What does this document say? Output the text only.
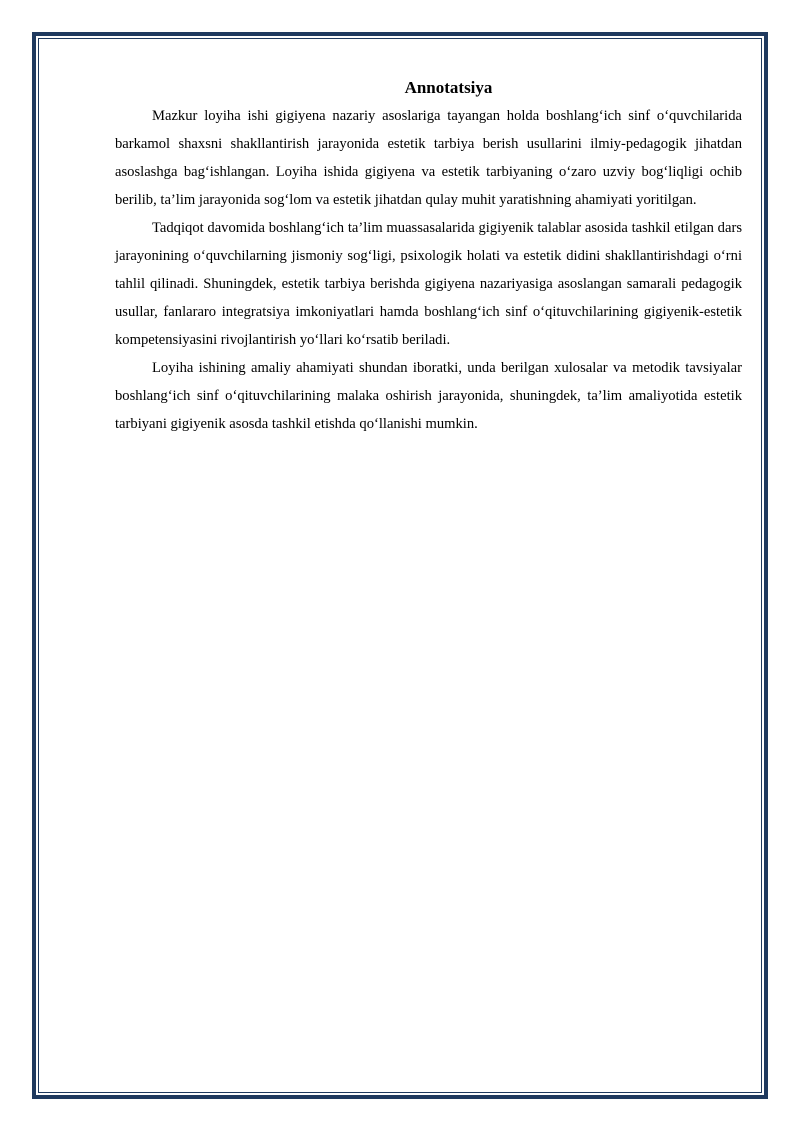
Annotatsiya

Mazkur loyiha ishi gigiyena nazariy asoslariga tayangan holda boshlang‘ich sinf o‘quvchilarida barkamol shaxsni shakllantirish jarayonida estetik tarbiya berish usullarini ilmiy-pedagogik jihatdan asoslashga bag‘ishlangan. Loyiha ishida gigiyena va estetik tarbiyaning o‘zaro uzviy bog‘liqligi ochib berilib, ta’lim jarayonida sog‘lom va estetik jihatdan qulay muhit yaratishning ahamiyati yoritilgan.

Tadqiqot davomida boshlang‘ich ta’lim muassasalarida gigiyenik talablar asosida tashkil etilgan dars jarayonining o‘quvchilarning jismoniy sog‘ligi, psixologik holati va estetik didini shakllantirishdagi o‘rni tahlil qilinadi. Shuningdek, estetik tarbiya berishda gigiyena nazariyasiga asoslangan samarali pedagogik usullar, fanlararo integratsiya imkoniyatlari hamda boshlang‘ich sinf o‘qituvchilarining gigiyenik-estetik kompetensiyasini rivojlantirish yo‘llari ko‘rsatib beriladi.

Loyiha ishining amaliy ahamiyati shundan iboratki, unda berilgan xulosalar va metodik tavsiyalar boshlang‘ich sinf o‘qituvchilarining malaka oshirish jarayonida, shuningdek, ta’lim amaliyotida estetik tarbiyani gigiyenik asosda tashkil etishda qo‘llanishi mumkin.
